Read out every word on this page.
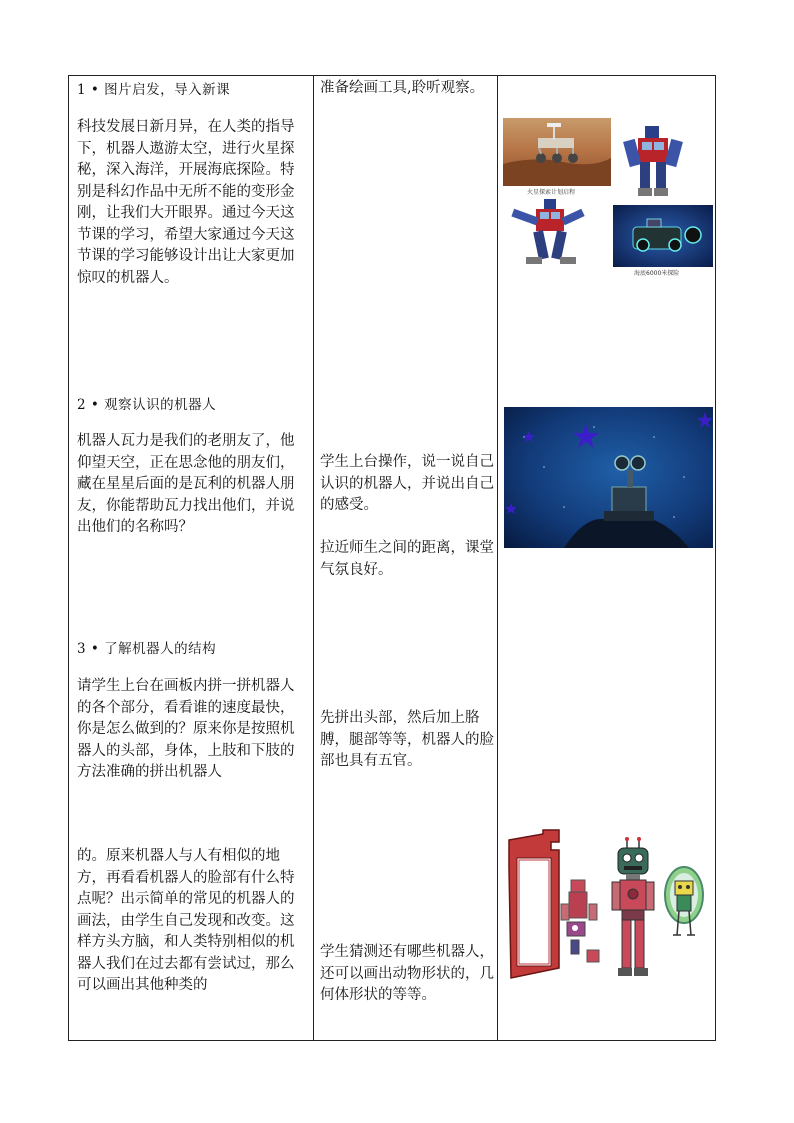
1 • 图片启发，导入新课
科技发展日新月异，在人类的指导下，机器人遨游太空，进行火星探秘，深入海洋，开展海底探险。特别是科幻作品中无所不能的变形金刚，让我们大开眼界。通过今天这节课的学习，希望大家通过今天这节课的学习能够设计出让大家更加惊叹的机器人。
准备绘画工具,聆听观察。
2 • 观察认识的机器人
机器人瓦力是我们的老朋友了，他仰望天空，正在思念他的朋友们，藏在星星后面的是瓦利的机器人朋友，你能帮助瓦力找出他们，并说出他们的名称吗？
学生上台操作，说一说自己认识的机器人，并说出自己的感受。
拉近师生之间的距离，课堂气氛良好。
3 • 了解机器人的结构
请学生上台在画板内拼一拼机器人的各个部分，看看谁的速度最快，你是怎么做到的？原来你是按照机器人的头部，身体，上肢和下肢的方法准确的拼出机器人
先拼出头部，然后加上胳膊，腿部等等，机器人的脸部也具有五官。
的。原来机器人与人有相似的地方，再看看机器人的脸部有什么特点呢？出示简单的常见的机器人的画法，由学生自己发现和改变。这样方头方脑，和人类特别相似的机器人我们在过去都有尝试过，那么可以画出其他种类的
学生猜测还有哪些机器人，还可以画出动物形状的，几何体形状的等等。
火星探索计划启程
海底6000米探险
